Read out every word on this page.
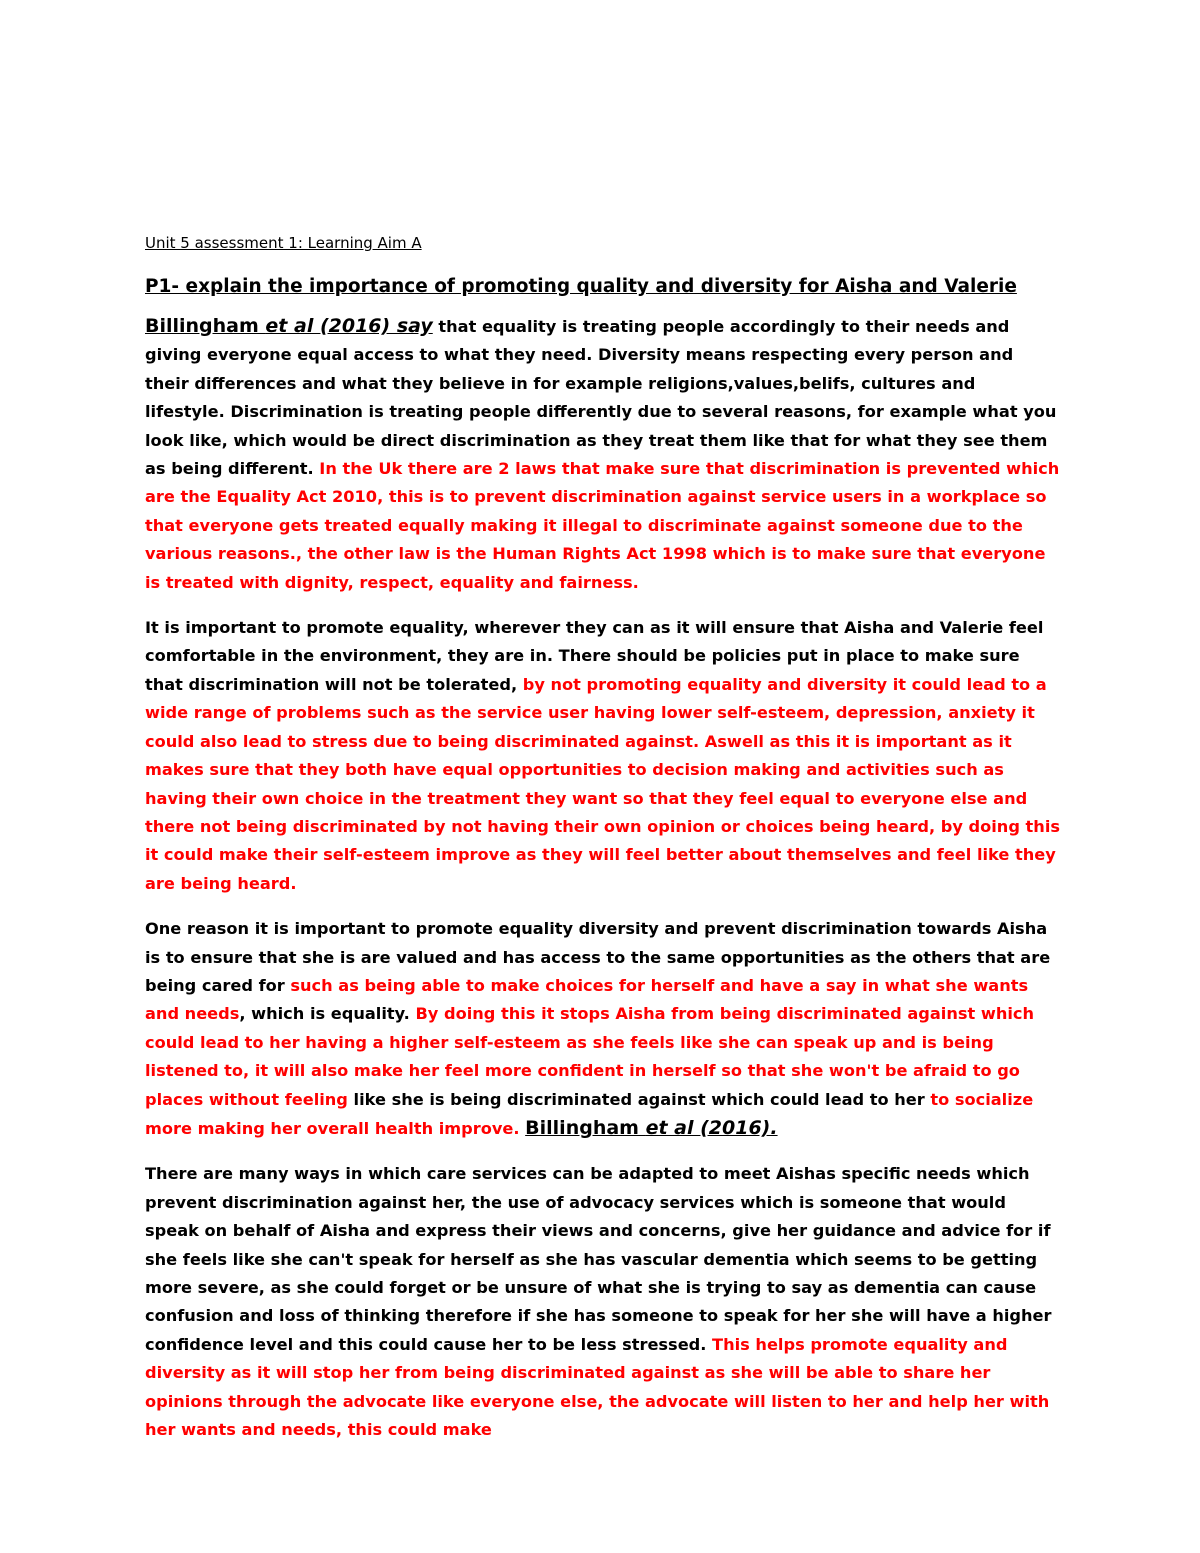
Unit 5 assessment 1: Learning Aim A
P1- explain the importance of promoting quality and diversity for Aisha and Valerie

Billingham et al (2016) say that equality is treating people accordingly to their needs and giving everyone equal access to what they need. Diversity means respecting every person and their differences and what they believe in for example religions,values,belifs, cultures and lifestyle. Discrimination is treating people differently due to several reasons, for example what you look like, which would be direct discrimination as they treat them like that for what they see them as being different. In the Uk there are 2 laws that make sure that discrimination is prevented which are the Equality Act 2010, this is to prevent discrimination against service users in a workplace so that everyone gets treated equally making it illegal to discriminate against someone due to the various reasons., the other law is the Human Rights Act 1998 which is to make sure that everyone is treated with dignity, respect, equality and fairness.

It is important to promote equality, wherever they can as it will ensure that Aisha and Valerie feel comfortable in the environment, they are in. There should be policies put in place to make sure that discrimination will not be tolerated, by not promoting equality and diversity it could lead to a wide range of problems such as the service user having lower self-esteem, depression, anxiety it could also lead to stress due to being discriminated against. Aswell as this it is important as it makes sure that they both have equal opportunities to decision making and activities such as having their own choice in the treatment they want so that they feel equal to everyone else and there not being discriminated by not having their own opinion or choices being heard, by doing this it could make their self-esteem improve as they will feel better about themselves and feel like they are being heard.

One reason it is important to promote equality diversity and prevent discrimination towards Aisha is to ensure that she is are valued and has access to the same opportunities as the others that are being cared for such as being able to make choices for herself and have a say in what she wants and needs, which is equality. By doing this it stops Aisha from being discriminated against which could lead to her having a higher self-esteem as she feels like she can speak up and is being listened to, it will also make her feel more confident in herself so that she won't be afraid to go places without feeling like she is being discriminated against which could lead to her to socialize more making her overall health improve. Billingham et al (2016).

There are many ways in which care services can be adapted to meet Aishas specific needs which prevent discrimination against her, the use of advocacy services which is someone that would speak on behalf of Aisha and express their views and concerns, give her guidance and advice for if she feels like she can't speak for herself as she has vascular dementia which seems to be getting more severe, as she could forget or be unsure of what she is trying to say as dementia can cause confusion and loss of thinking therefore if she has someone to speak for her she will have a higher confidence level and this could cause her to be less stressed. This helps promote equality and diversity as it will stop her from being discriminated against as she will be able to share her opinions through the advocate like everyone else, the advocate will listen to her and help her with her wants and needs, this could make
